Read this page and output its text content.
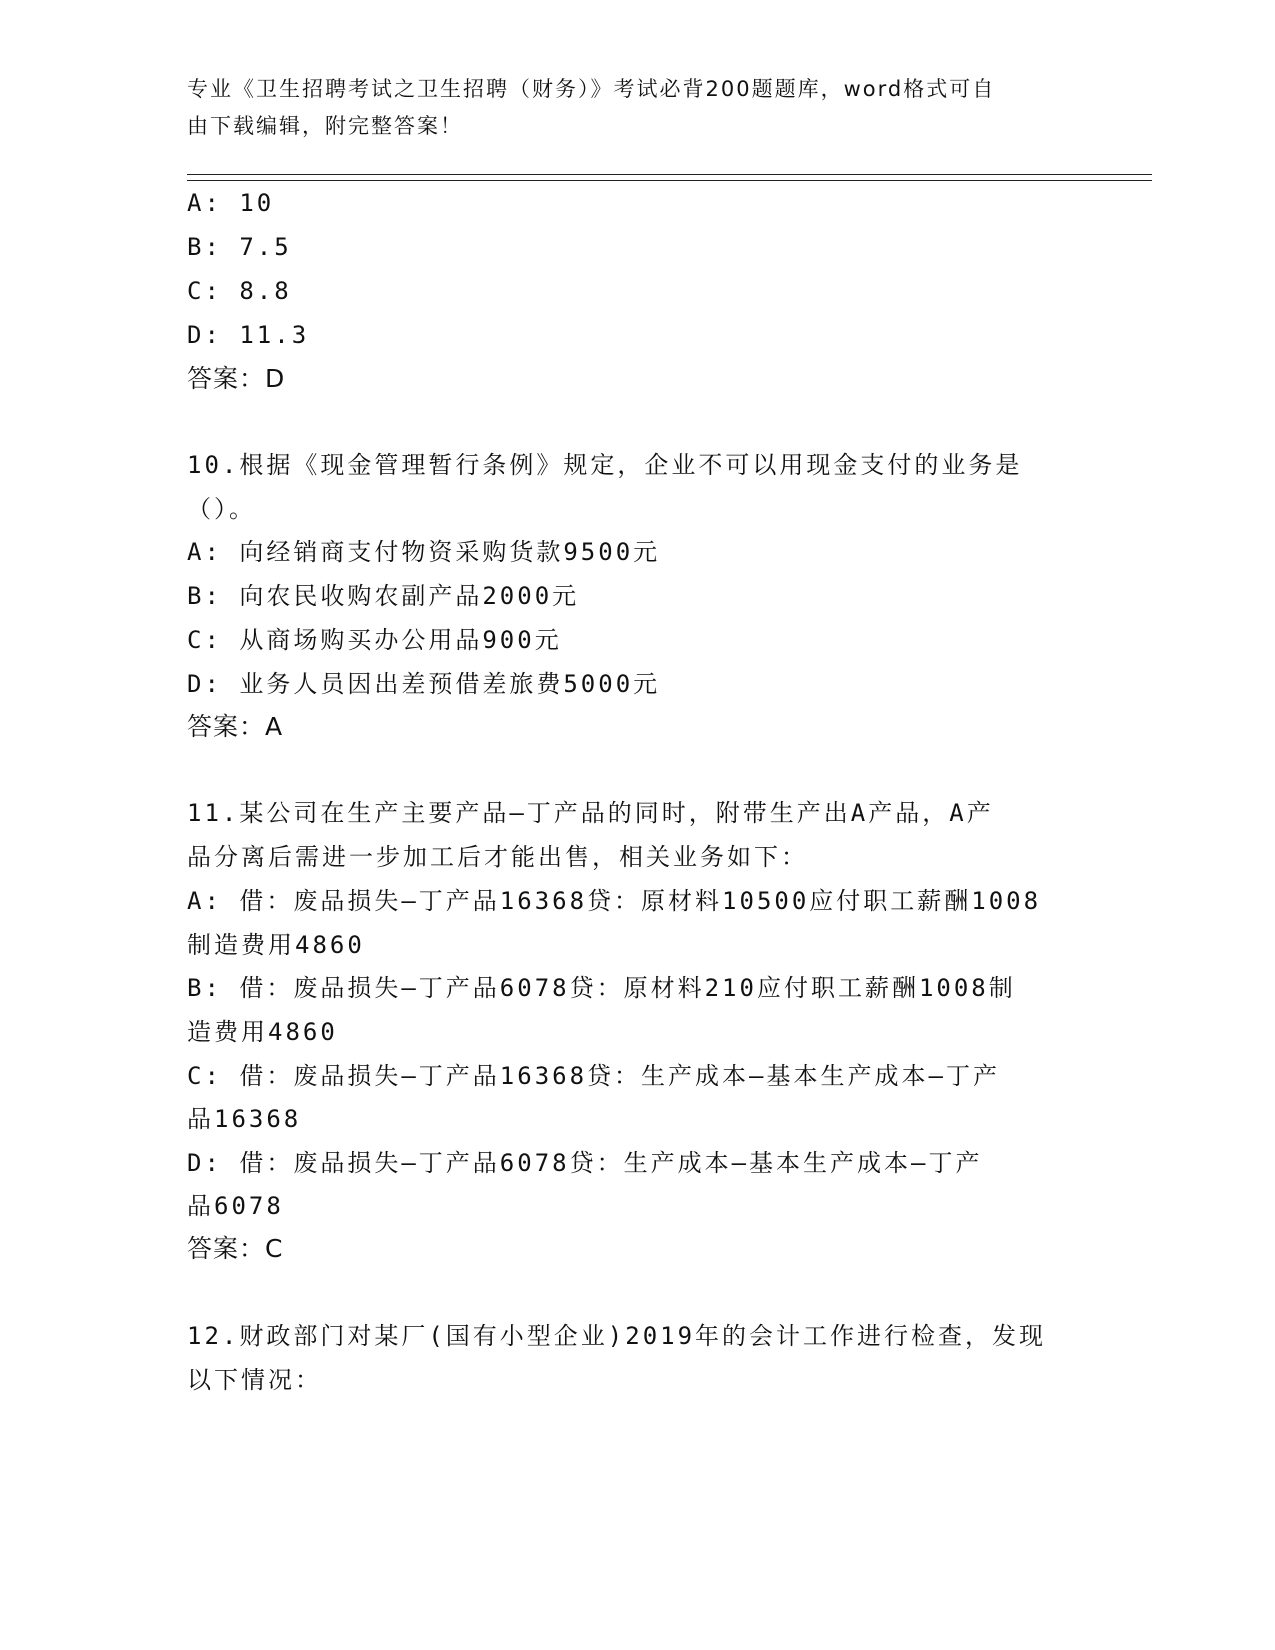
专业《卫生招聘考试之卫生招聘（财务）》考试必背200题题库，word格式可自
由下载编辑，附完整答案！
A: 10
B: 7.5
C: 8.8
D: 11.3
答案：D
10.根据《现金管理暂行条例》规定，企业不可以用现金支付的业务是
（）。
A: 向经销商支付物资采购货款9500元
B: 向农民收购农副产品2000元
C: 从商场购买办公用品900元
D: 业务人员因出差预借差旅费5000元
答案：A
11.某公司在生产主要产品—丁产品的同时，附带生产出A产品，A产
品分离后需进一步加工后才能出售，相关业务如下：
A: 借：废品损失—丁产品16368贷：原材料10500应付职工薪酬1008
制造费用4860
B: 借：废品损失—丁产品6078贷：原材料210应付职工薪酬1008制
造费用4860
C: 借：废品损失—丁产品16368贷：生产成本—基本生产成本—丁产
品16368
D: 借：废品损失—丁产品6078贷：生产成本—基本生产成本—丁产
品6078
答案：C
12.财政部门对某厂(国有小型企业)2019年的会计工作进行检查，发现
以下情况：
